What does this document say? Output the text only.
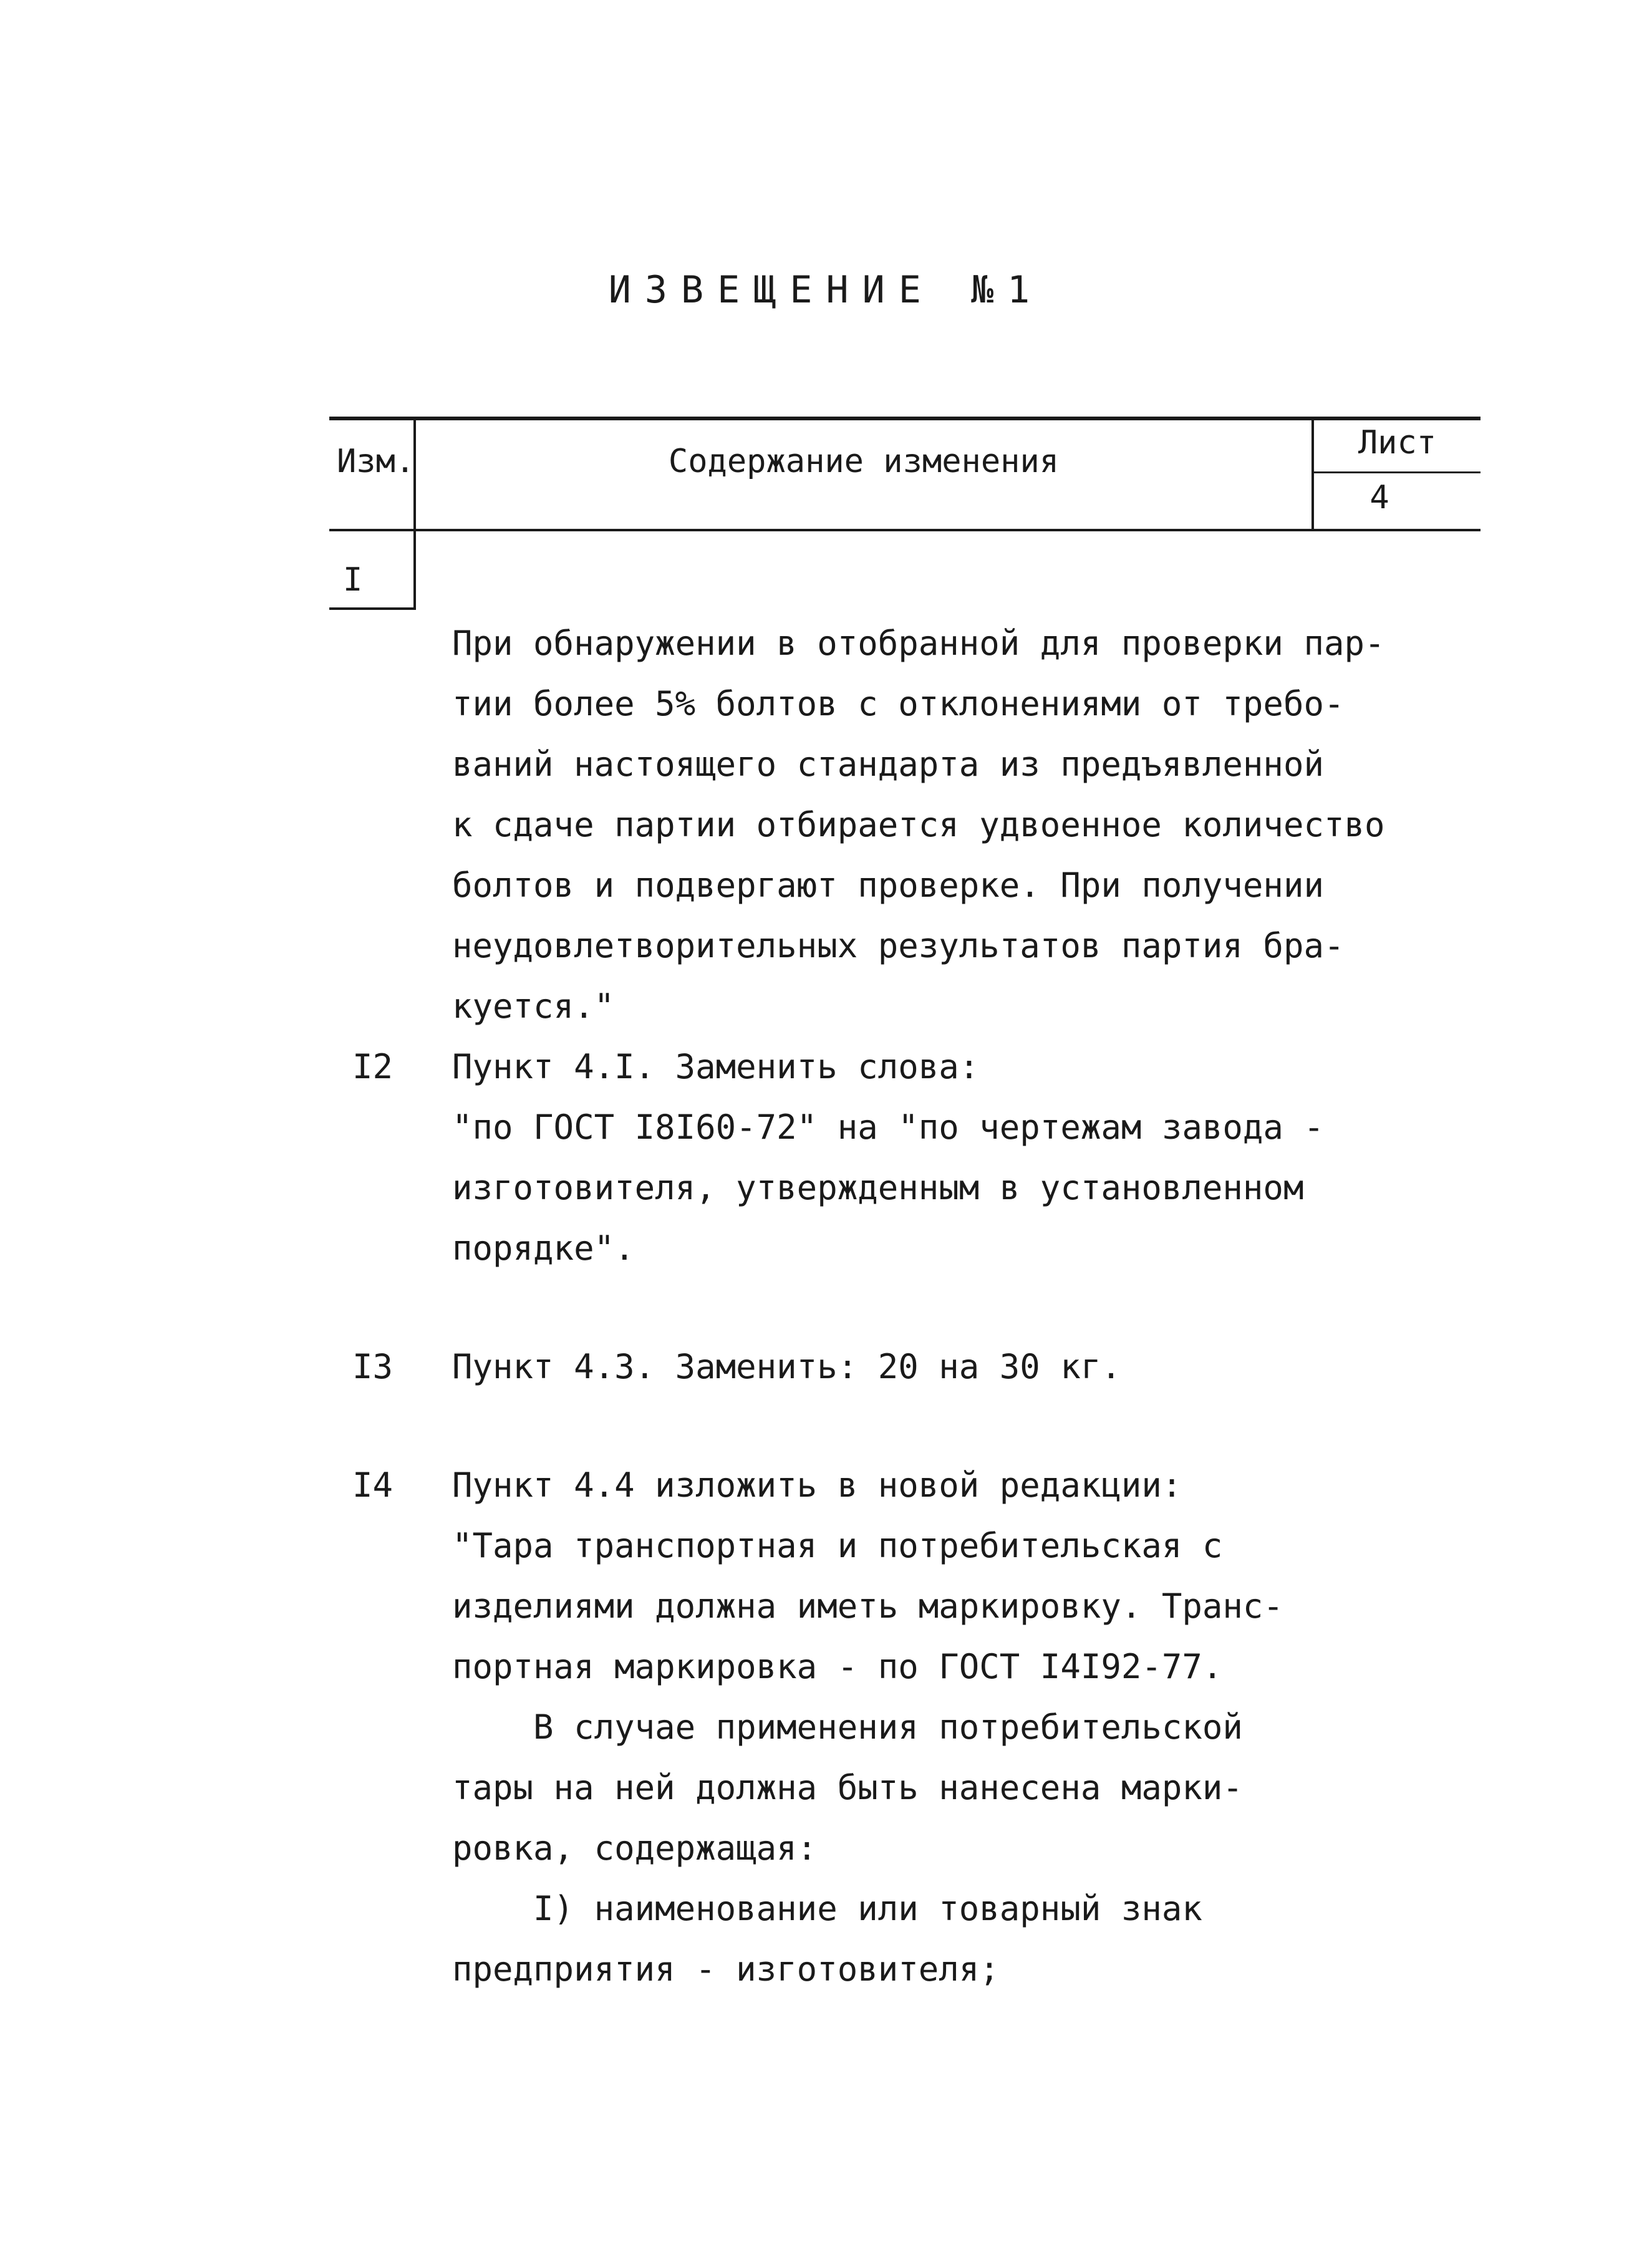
ИЗВЕЩЕНИЕ №1
Изм.	Содержание изменения	Лист
4
I
При обнаружении в отобранной для проверки пар-
тии более 5% болтов с отклонениями от требо-
ваний настоящего стандарта из предъявленной
к сдаче партии отбирается удвоенное количество
болтов и подвергают проверке. При получении
неудовлетворительных результатов партия бра-
куется."
I2 Пункт 4.I. Заменить слова:
"по ГОСТ I8I60-72" на "по чертежам завода -
изготовителя, утвержденным в установленном
порядке".
I3 Пункт 4.3. Заменить: 20 на 30 кг.
I4 Пункт 4.4 изложить в новой редакции:
"Тара транспортная и потребительская с
изделиями должна иметь маркировку. Транс-
портная маркировка - по ГОСТ I4I92-77.
В случае применения потребительской
тары на ней должна быть нанесена марки-
ровка, содержащая:
I) наименование или товарный знак
предприятия - изготовителя;
